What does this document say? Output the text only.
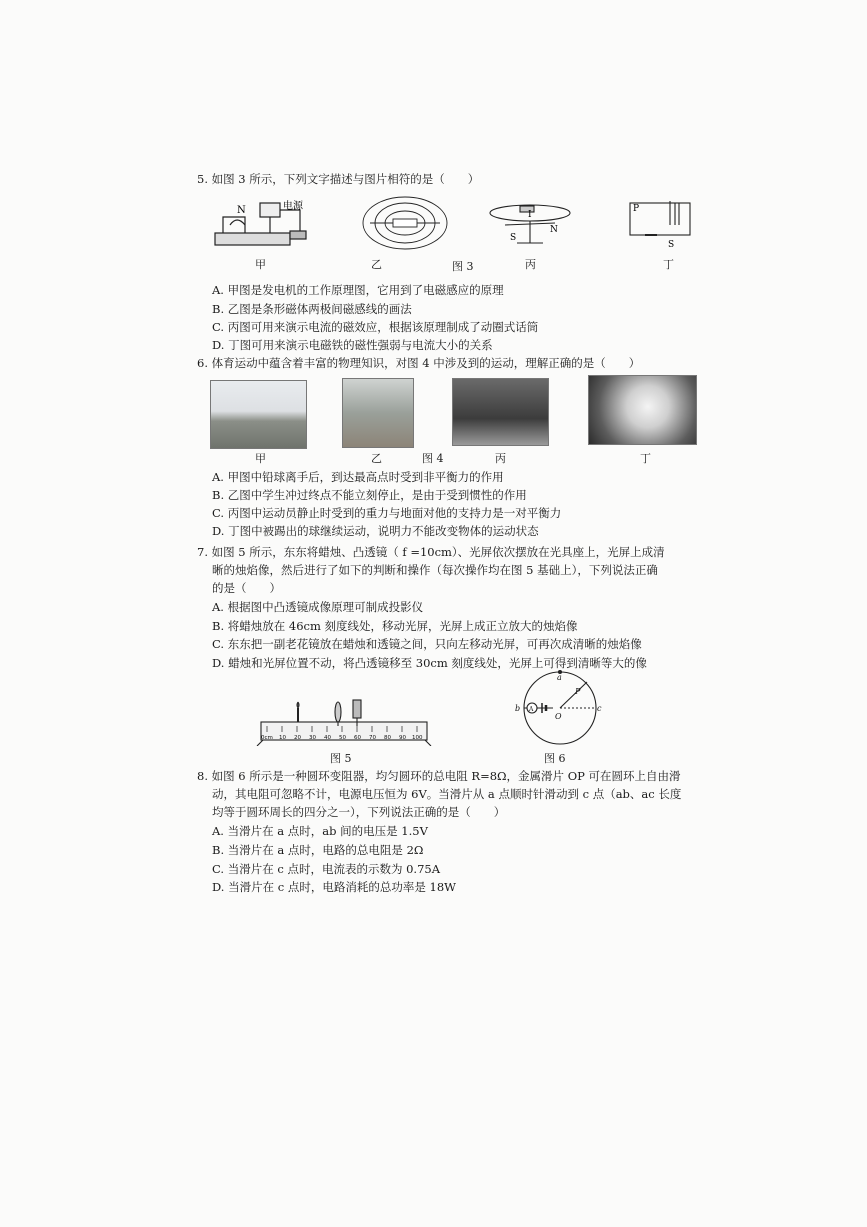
5. 如图 3 所示，下列文字描述与图片相符的是（　　）
N	电源
S
N
I
P
S
甲	乙	图 3	丙	丁
A. 甲图是发电机的工作原理图，它用到了电磁感应的原理
B. 乙图是条形磁体两极间磁感线的画法
C. 丙图可用来演示电流的磁效应，根据该原理制成了动圈式话筒
D. 丁图可用来演示电磁铁的磁性强弱与电流大小的关系
6. 体育运动中蕴含着丰富的物理知识，对图 4 中涉及到的运动，理解正确的是（　　）
甲	乙	图 4	丙	丁
A. 甲图中铅球离手后，到达最高点时受到非平衡力的作用
B. 乙图中学生冲过终点不能立刻停止，是由于受到惯性的作用
C. 丙图中运动员静止时受到的重力与地面对他的支持力是一对平衡力
D. 丁图中被踢出的球继续运动，说明力不能改变物体的运动状态
7. 如图 5 所示，东东将蜡烛、凸透镜（ f =10cm）、光屏依次摆放在光具座上，光屏上成清
晰的烛焰像，然后进行了如下的判断和操作（每次操作均在图 5 基础上），下列说法正确
的是（　　）
A. 根据图中凸透镜成像原理可制成投影仪
B. 将蜡烛放在 46cm 刻度线处，移动光屏，光屏上成正立放大的烛焰像
C. 东东把一副老花镜放在蜡烛和透镜之间，只向左移动光屏，可再次成清晰的烛焰像
D. 蜡烛和光屏位置不动，将凸透镜移至 30cm 刻度线处，光屏上可得到清晰等大的像
0cm 10 20 30 40 50 60 70 80 90 100
图 5
a
b	c
O
P
A
图 6
8. 如图 6 所示是一种圆环变阻器，均匀圆环的总电阻 R=8Ω，金属滑片 OP 可在圆环上自由滑
动，其电阻可忽略不计，电源电压恒为 6V。当滑片从 a 点顺时针滑动到 c 点（ab、ac 长度
均等于圆环周长的四分之一），下列说法正确的是（　　）
A. 当滑片在 a 点时，ab 间的电压是 1.5V
B. 当滑片在 a 点时，电路的总电阻是 2Ω
C. 当滑片在 c 点时，电流表的示数为 0.75A
D. 当滑片在 c 点时，电路消耗的总功率是 18W
